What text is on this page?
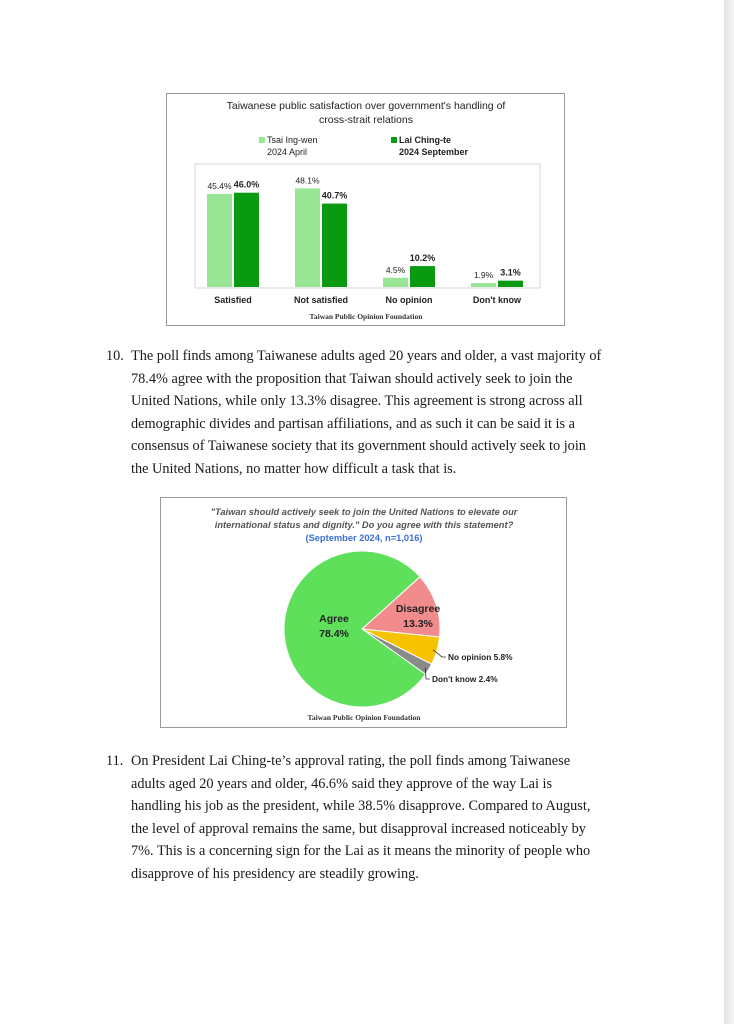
Taiwanese public satisfaction over government's handling of
cross-strait relations
Tsai Ing-wen
2024 April
Lai Ching-te
2024 September
45.4% 46.0%	48.1%
40.7%
4.5%
10.2%
1.9% 3.1%
Satisfied	Not satisfied	No opinion	Don't know
Taiwan Public Opinion Foundation
10. The poll finds among Taiwanese adults aged 20 years and older, a vast majority of
78.4% agree with the proposition that Taiwan should actively seek to join the
United Nations, while only 13.3% disagree. This agreement is strong across all
demographic divides and partisan affiliations, and as such it can be said it is a
consensus of Taiwanese society that its government should actively seek to join
the United Nations, no matter how difficult a task that is.
"Taiwan should actively seek to join the United Nations to elevate our
international status and dignity." Do you agree with this statement?
(September 2024, n=1,016)
Agree
78.4%
Disagree
13.3%
No opinion 5.8%
Don't know 2.4%
Taiwan Public Opinion Foundation
11. On President Lai Ching-te’s approval rating, the poll finds among Taiwanese
adults aged 20 years and older, 46.6% said they approve of the way Lai is
handling his job as the president, while 38.5% disapprove. Compared to August,
the level of approval remains the same, but disapproval increased noticeably by
7%. This is a concerning sign for the Lai as it means the minority of people who
disapprove of his presidency are steadily growing.
